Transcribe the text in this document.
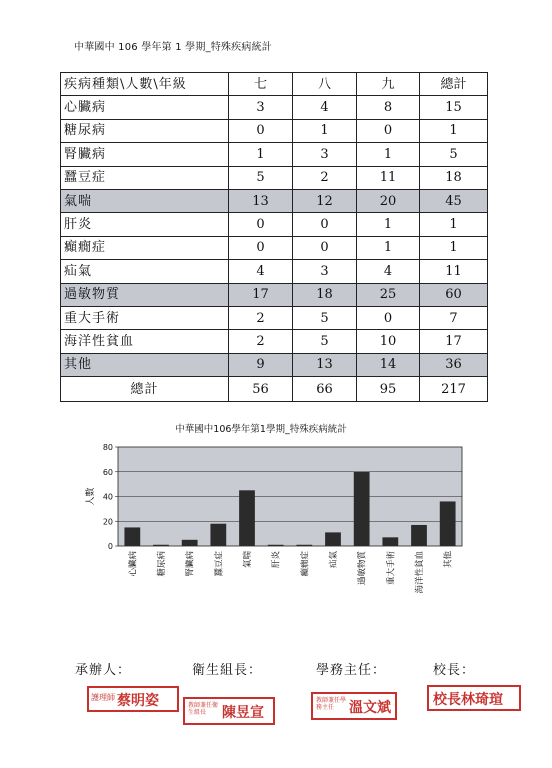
中華國中 106 學年第 1 學期_特殊疾病統計
疾病種類\人數\年級	七	八	九	總計
心臟病	3	4	8	15
糖尿病	0	1	0	1
腎臟病	1	3	1	5
蠶豆症	5	2	11	18
氣喘	13	12	20	45
肝炎	0	0	1	1
癲癇症	0	0	1	1
疝氣	4	3	4	11
過敏物質	17	18	25	60
重大手術	2	5	0	7
海洋性貧血	2	5	10	17
其他	9	13	14	36
總計	56	66	95	217
中華國中106學年第1學期_特殊疾病統計
0
20
40
60
80
心臟病 糖尿病 腎臟病 蠶豆症 氣喘 肝炎 癲癇症 疝氣 過敏物質 重大手術 海洋性貧血 其他
人數
承辦人：	衛生組長：	學務主任：	校長：
護理師 蔡明姿	教師兼任衛生組長	陳昱宣
教師兼任學務主任	溫文斌	校長林琦瑄
